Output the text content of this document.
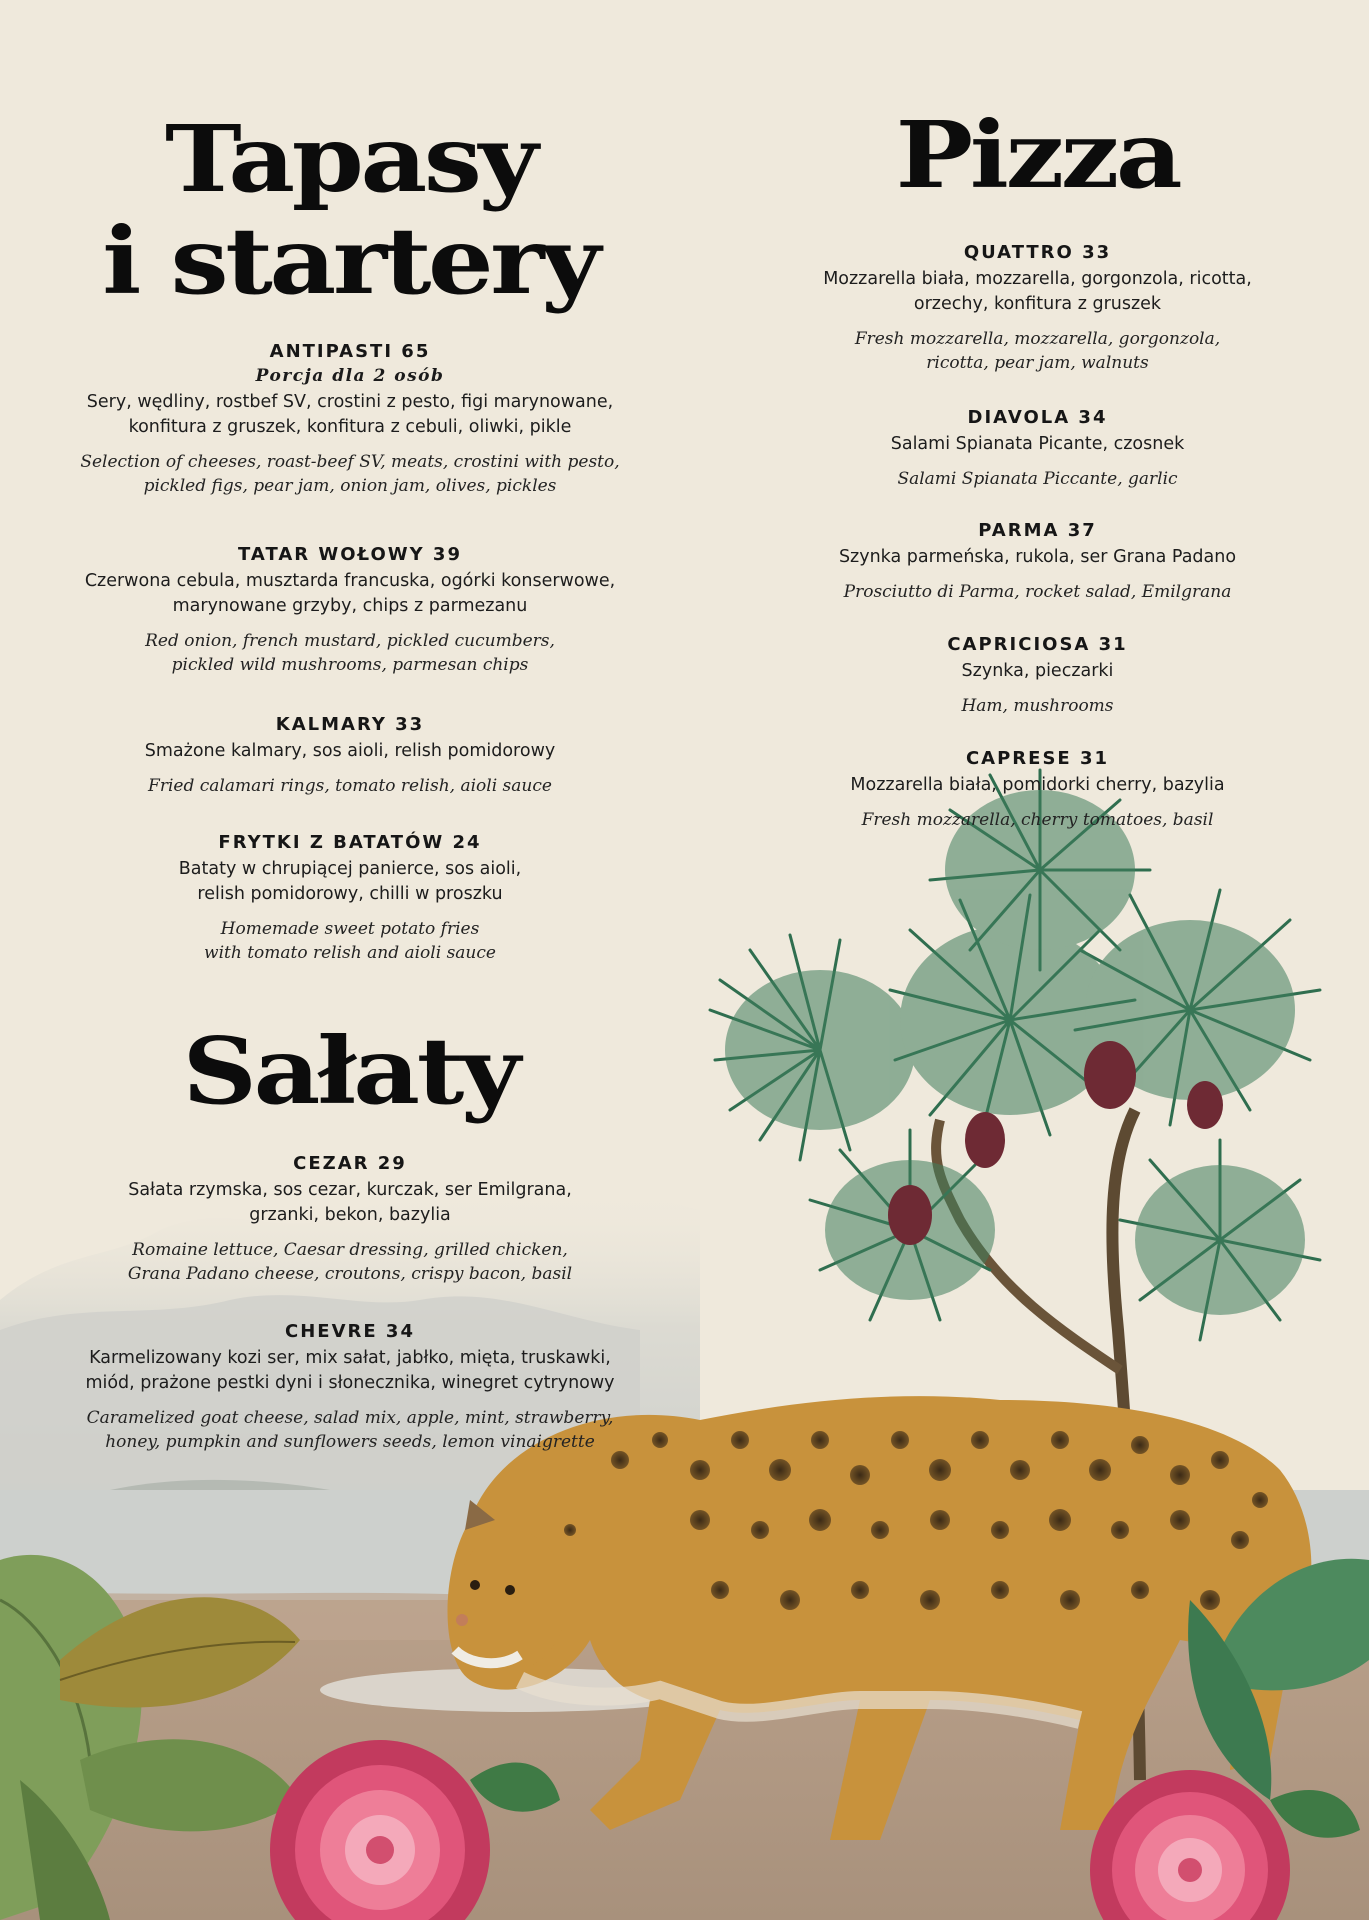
Tapasy
i startery
ANTIPASTI 65
Porcja dla 2 osób
Sery, wędliny, rostbef SV, crostini z pesto, figi marynowane,
konfitura z gruszek, konfitura z cebuli, oliwki, pikle
Selection of cheeses, roast-beef SV, meats, crostini with pesto,
pickled figs, pear jam, onion jam, olives, pickles
TATAR WOŁOWY 39
Czerwona cebula, musztarda francuska, ogórki konserwowe,
marynowane grzyby, chips z parmezanu
Red onion, french mustard, pickled cucumbers,
pickled wild mushrooms, parmesan chips
KALMARY 33
Smażone kalmary, sos aioli, relish pomidorowy
Fried calamari rings, tomato relish, aioli sauce
FRYTKI Z BATATÓW 24
Bataty w chrupiącej panierce, sos aioli,
relish pomidorowy, chilli w proszku
Homemade sweet potato fries
with tomato relish and aioli sauce
Sałaty
CEZAR 29
Sałata rzymska, sos cezar, kurczak, ser Emilgrana,
grzanki, bekon, bazylia
Romaine lettuce, Caesar dressing, grilled chicken,
Grana Padano cheese, croutons, crispy bacon, basil
CHEVRE 34
Karmelizowany kozi ser, mix sałat, jabłko, mięta, truskawki,
miód, prażone pestki dyni i słonecznika, winegret cytrynowy
Caramelized goat cheese, salad mix, apple, mint, strawberry,
honey, pumpkin and sunflowers seeds, lemon vinaigrette
Pizza
QUATTRO 33
Mozzarella biała, mozzarella, gorgonzola, ricotta,
orzechy, konfitura z gruszek
Fresh mozzarella, mozzarella, gorgonzola,
ricotta, pear jam, walnuts
DIAVOLA 34
Salami Spianata Picante, czosnek
Salami Spianata Piccante, garlic
PARMA 37
Szynka parmeńska, rukola, ser Grana Padano
Prosciutto di Parma, rocket salad, Emilgrana
CAPRICIOSA 31
Szynka, pieczarki
Ham, mushrooms
CAPRESE 31
Mozzarella biała, pomidorki cherry, bazylia
Fresh mozzarella, cherry tomatoes, basil
